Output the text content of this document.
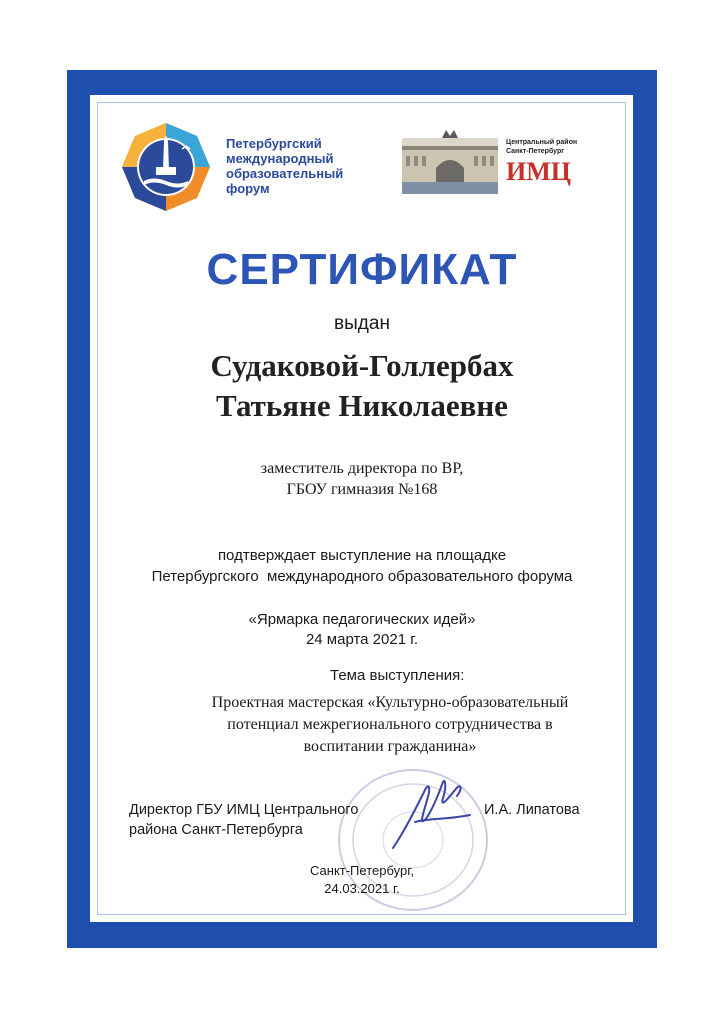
Петербургский
международный
образовательный
форум
Центральный район
Санкт-Петербург
ИМЦ
СЕРТИФИКАТ
выдан
Судаковой-Голлербах
Татьяне Николаевне
заместитель директора по ВР,
ГБОУ гимназия №168
подтверждает выступление на площадке
Петербургского  международного образовательного форума
«Ярмарка педагогических идей»
24 марта 2021 г.
Тема выступления:
Проектная мастерская «Культурно-образовательный
потенциал межрегионального сотрудничества в
воспитании гражданина»
Директор ГБУ ИМЦ Центрального
района Санкт-Петербурга
И.А. Липатова
Санкт-Петербург,
24.03.2021 г.
